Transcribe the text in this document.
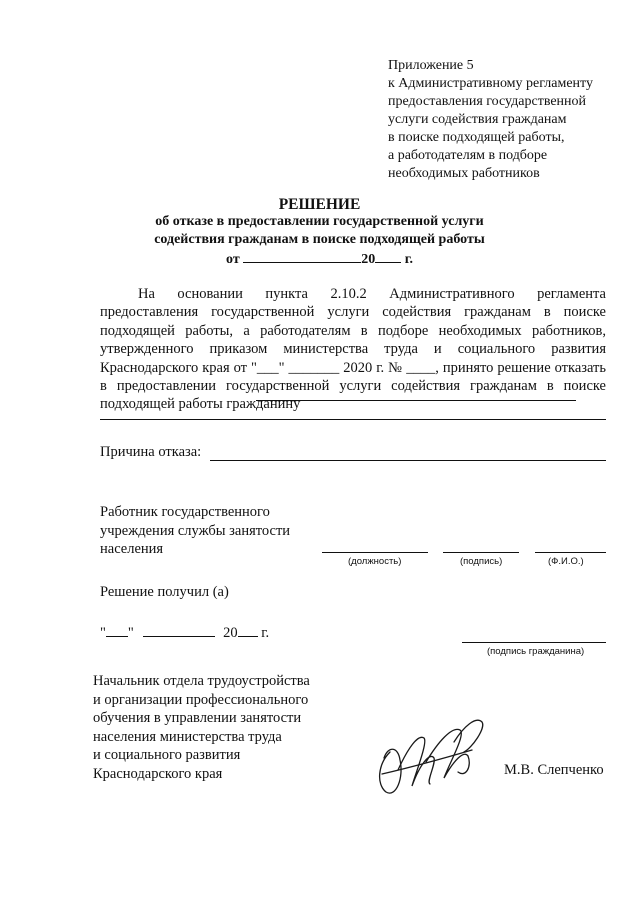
Приложение 5
к Административному регламенту
предоставления государственной
услуги содействия гражданам
в поиске подходящей работы,
а работодателям в подборе
необходимых работников
РЕШЕНИЕ
об отказе в предоставлении государственной услуги
содействия гражданам в поиске подходящей работы
от	20 г.

На основании пункта 2.10.2 Административного регламента предоставления государственной услуги содействия гражданам в поиске подходящей работы, а работодателям в подборе необходимых работников, утвержденного приказом министерства труда и социального развития Краснодарского края от "___" _______ 2020 г. № ____, принято решение отказать в предоставлении государственной услуги содействия гражданам в поиске подходящей работы гражданину

Причина отказа:
Работник государственного
учреждения службы занятости
населения
(должность)	(подпись)	(Ф.И.О.)
Решение получил (а)
" "	20 г.
(подпись гражданина)
Начальник отдела трудоустройства
и организации профессионального
обучения в управлении занятости
населения министерства труда
и социального развития
Краснодарского края	М.В. Слепченко
